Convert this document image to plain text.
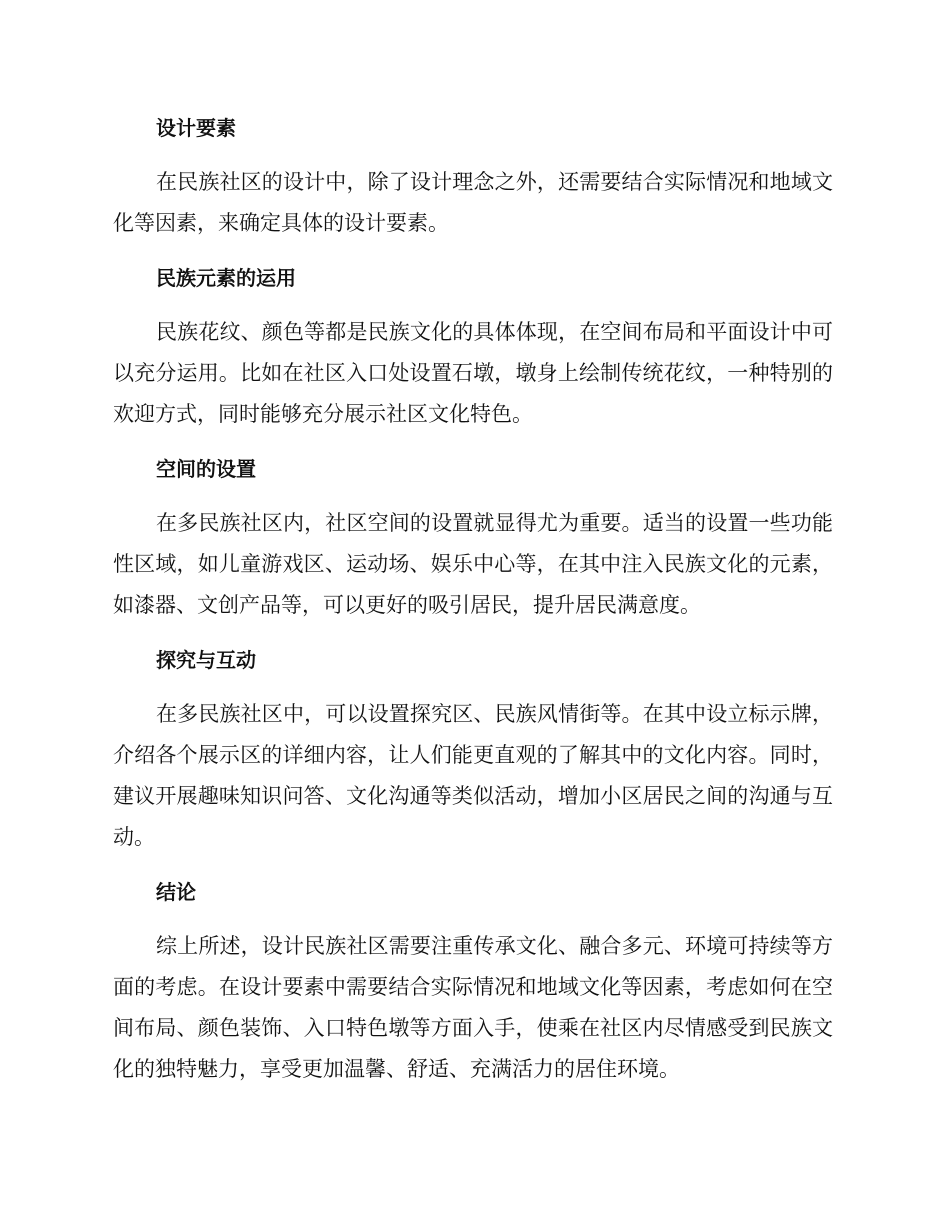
设计要素

在民族社区的设计中，除了设计理念之外，还需要结合实际情况和地域文化等因素，来确定具体的设计要素。

民族元素的运用

民族花纹、颜色等都是民族文化的具体体现，在空间布局和平面设计中可以充分运用。比如在社区入口处设置石墩，墩身上绘制传统花纹，一种特别的欢迎方式，同时能够充分展示社区文化特色。

空间的设置

在多民族社区内，社区空间的设置就显得尤为重要。适当的设置一些功能性区域，如儿童游戏区、运动场、娱乐中心等，在其中注入民族文化的元素，如漆器、文创产品等，可以更好的吸引居民，提升居民满意度。

探究与互动

在多民族社区中，可以设置探究区、民族风情街等。在其中设立标示牌，介绍各个展示区的详细内容，让人们能更直观的了解其中的文化内容。同时，建议开展趣味知识问答、文化沟通等类似活动，增加小区居民之间的沟通与互动。

结论

综上所述，设计民族社区需要注重传承文化、融合多元、环境可持续等方面的考虑。在设计要素中需要结合实际情况和地域文化等因素，考虑如何在空间布局、颜色装饰、入口特色墩等方面入手，使乘在社区内尽情感受到民族文化的独特魅力，享受更加温馨、舒适、充满活力的居住环境。
